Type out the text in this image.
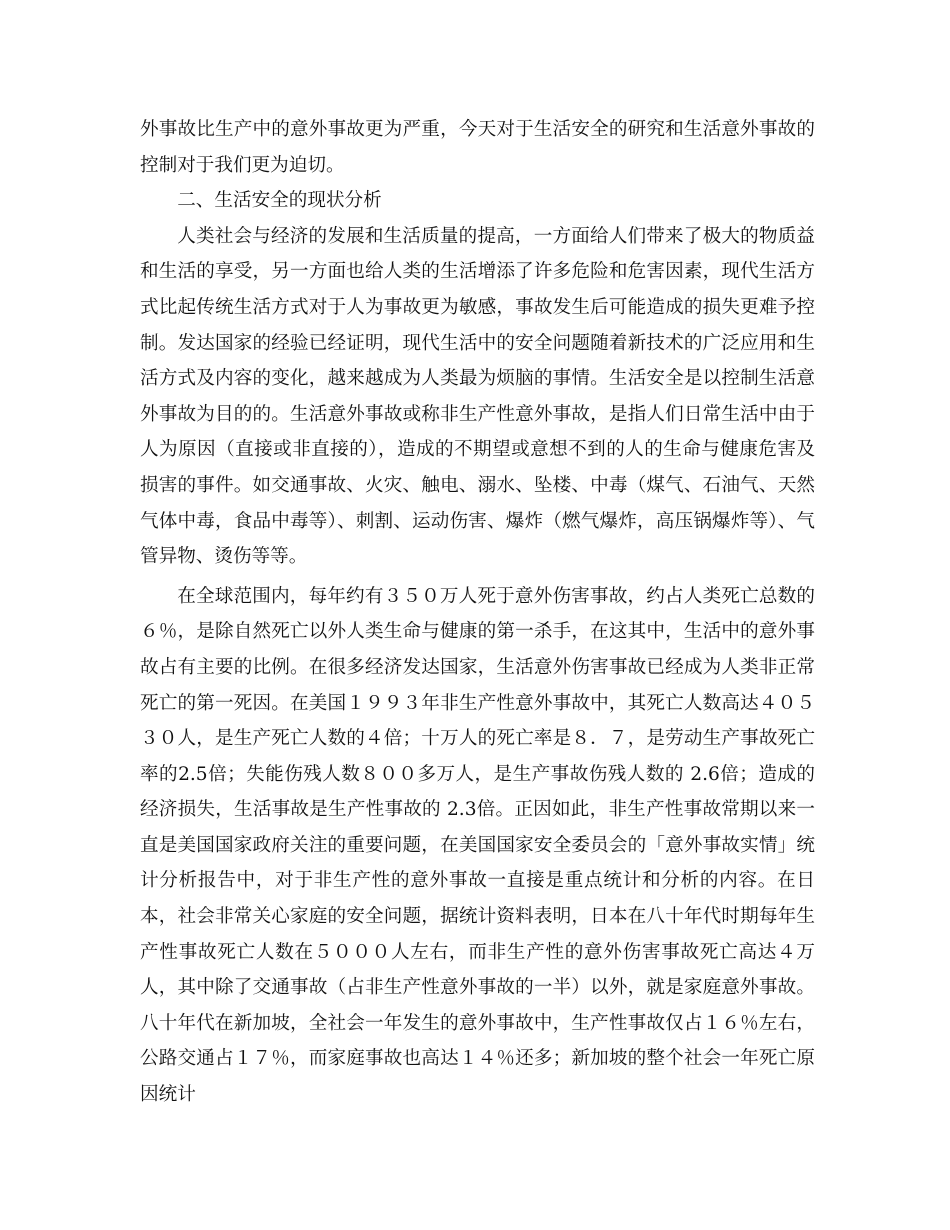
外事故比生产中的意外事故更为严重，今天对于生活安全的研究和生活意外事故的控制对于我们更为迫切。

二、生活安全的现状分析

人类社会与经济的发展和生活质量的提高，一方面给人们带来了极大的物质益和生活的享受，另一方面也给人类的生活增添了许多危险和危害因素，现代生活方式比起传统生活方式对于人为事故更为敏感，事故发生后可能造成的损失更难予控制。发达国家的经验已经证明，现代生活中的安全问题随着新技术的广泛应用和生活方式及内容的变化，越来越成为人类最为烦脑的事情。生活安全是以控制生活意外事故为目的的。生活意外事故或称非生产性意外事故，是指人们日常生活中由于人为原因（直接或非直接的），造成的不期望或意想不到的人的生命与健康危害及损害的事件。如交通事故、火灾、触电、溺水、坠楼、中毒（煤气、石油气、天然气体中毒，食品中毒等）、刺割、运动伤害、爆炸（燃气爆炸，高压锅爆炸等）、气管异物、烫伤等等。

在全球范围内，每年约有３５０万人死于意外伤害事故，约占人类死亡总数的６％，是除自然死亡以外人类生命与健康的第一杀手，在这其中，生活中的意外事故占有主要的比例。在很多经济发达国家，生活意外伤害事故已经成为人类非正常死亡的第一死因。在美国１９９３年非生产性意外事故中，其死亡人数高达４０５３０人，是生产死亡人数的４倍；十万人的死亡率是８．７，是劳动生产事故死亡率的2.5倍；失能伤残人数８００多万人，是生产事故伤残人数的 2.6倍；造成的经济损失，生活事故是生产性事故的 2.3倍。正因如此，非生产性事故常期以来一直是美国国家政府关注的重要问题，在美国国家安全委员会的「意外事故实情」统计分析报告中，对于非生产性的意外事故一直接是重点统计和分析的内容。在日本，社会非常关心家庭的安全问题，据统计资料表明，日本在八十年代时期每年生产性事故死亡人数在５０００人左右，而非生产性的意外伤害事故死亡高达４万人，其中除了交通事故（占非生产性意外事故的一半）以外，就是家庭意外事故。八十年代在新加坡，全社会一年发生的意外事故中，生产性事故仅占１６％左右，公路交通占１７％，而家庭事故也高达１４％还多；新加坡的整个社会一年死亡原因统计
